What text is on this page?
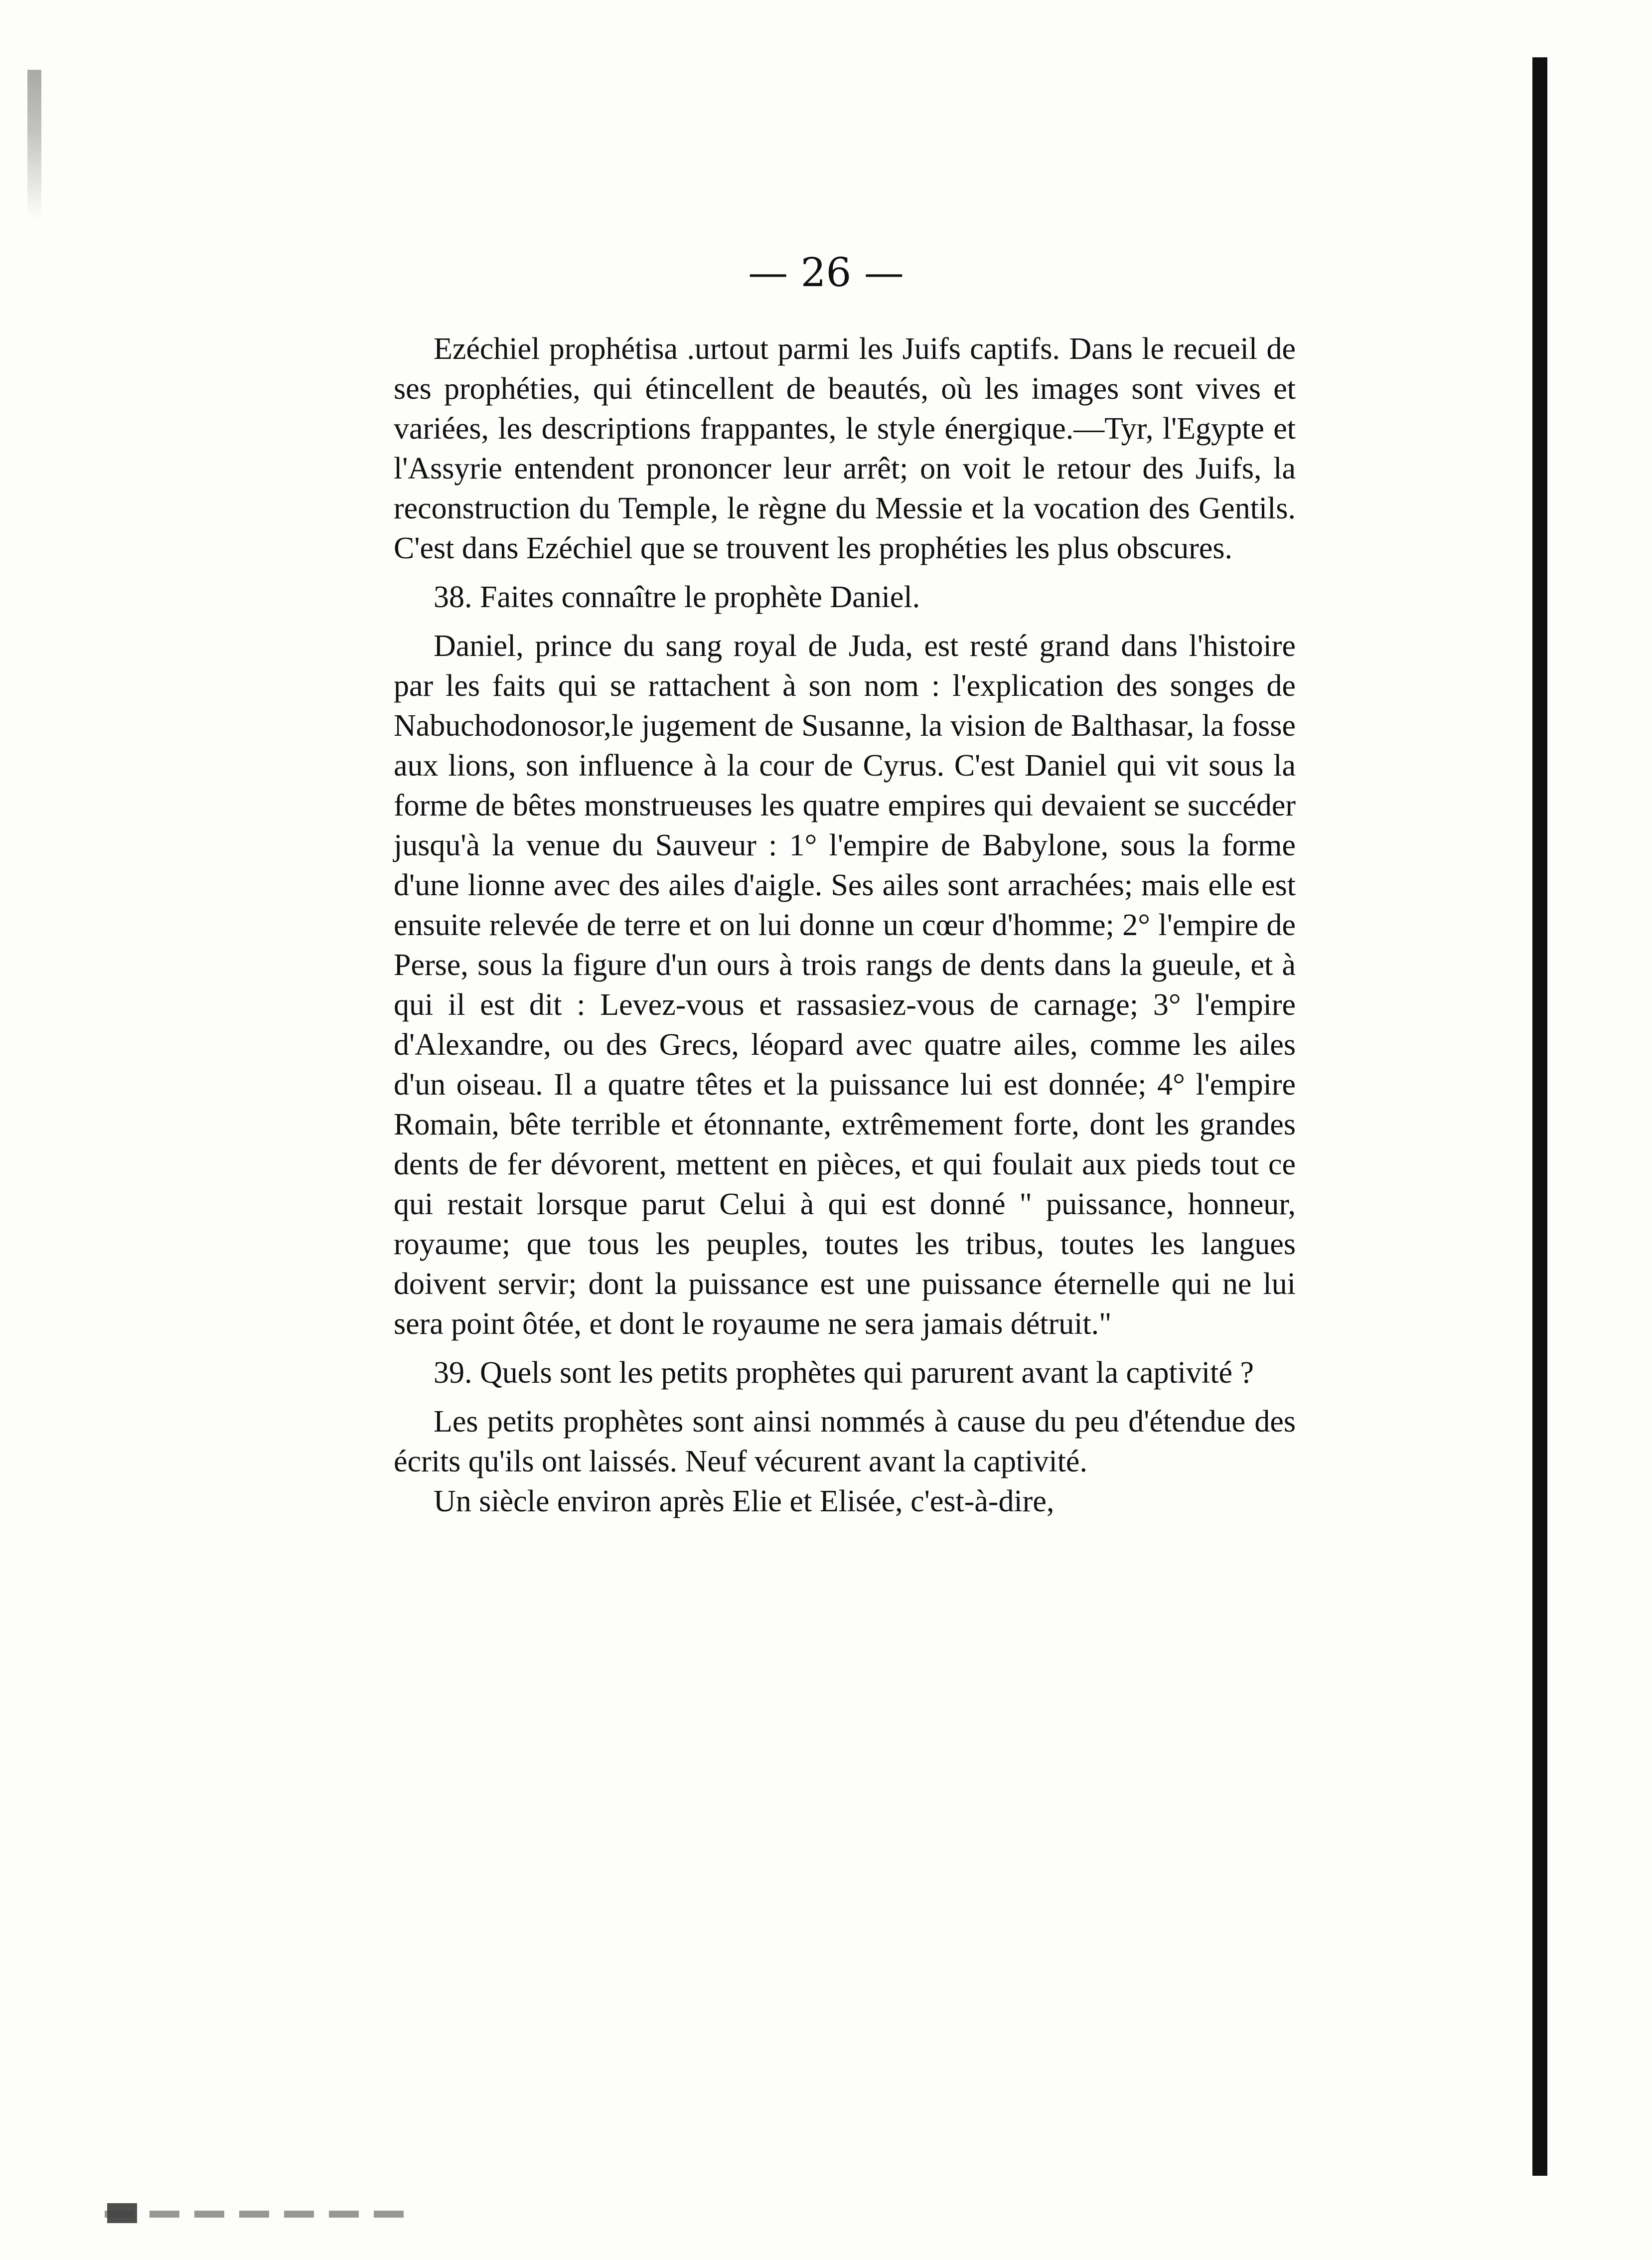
— 26 —

Ezéchiel prophétisa .urtout parmi les Juifs captifs. Dans le recueil de ses prophéties, qui étincellent de beautés, où les images sont vives et variées, les descriptions frappantes, le style énergique.—Tyr, l'Egypte et l'Assyrie entendent prononcer leur arrêt; on voit le retour des Juifs, la reconstruction du Temple, le règne du Messie et la vocation des Gentils. C'est dans Ezéchiel que se trouvent les prophéties les plus obscures.

38. Faites connaître le prophète Daniel.

Daniel, prince du sang royal de Juda, est resté grand dans l'histoire par les faits qui se rattachent à son nom : l'explication des songes de Nabuchodonosor,le jugement de Susanne, la vision de Balthasar, la fosse aux lions, son influence à la cour de Cyrus. C'est Daniel qui vit sous la forme de bêtes monstrueuses les quatre empires qui devaient se succéder jusqu'à la venue du Sauveur : 1° l'empire de Babylone, sous la forme d'une lionne avec des ailes d'aigle. Ses ailes sont arrachées; mais elle est ensuite relevée de terre et on lui donne un cœur d'homme; 2° l'empire de Perse, sous la figure d'un ours à trois rangs de dents dans la gueule, et à qui il est dit : Levez-vous et rassasiez-vous de carnage; 3° l'empire d'Alexandre, ou des Grecs, léopard avec quatre ailes, comme les ailes d'un oiseau. Il a quatre têtes et la puissance lui est donnée; 4° l'empire Romain, bête terrible et étonnante, extrêmement forte, dont les grandes dents de fer dévorent, mettent en pièces, et qui foulait aux pieds tout ce qui restait lorsque parut Celui à qui est donné " puissance, honneur, royaume; que tous les peuples, toutes les tribus, toutes les langues doivent servir; dont la puissance est une puissance éternelle qui ne lui sera point ôtée, et dont le royaume ne sera jamais détruit."

39. Quels sont les petits prophètes qui parurent avant la captivité ?

Les petits prophètes sont ainsi nommés à cause du peu d'étendue des écrits qu'ils ont laissés. Neuf vécurent avant la captivité.

Un siècle environ après Elie et Elisée, c'est-à-dire,
